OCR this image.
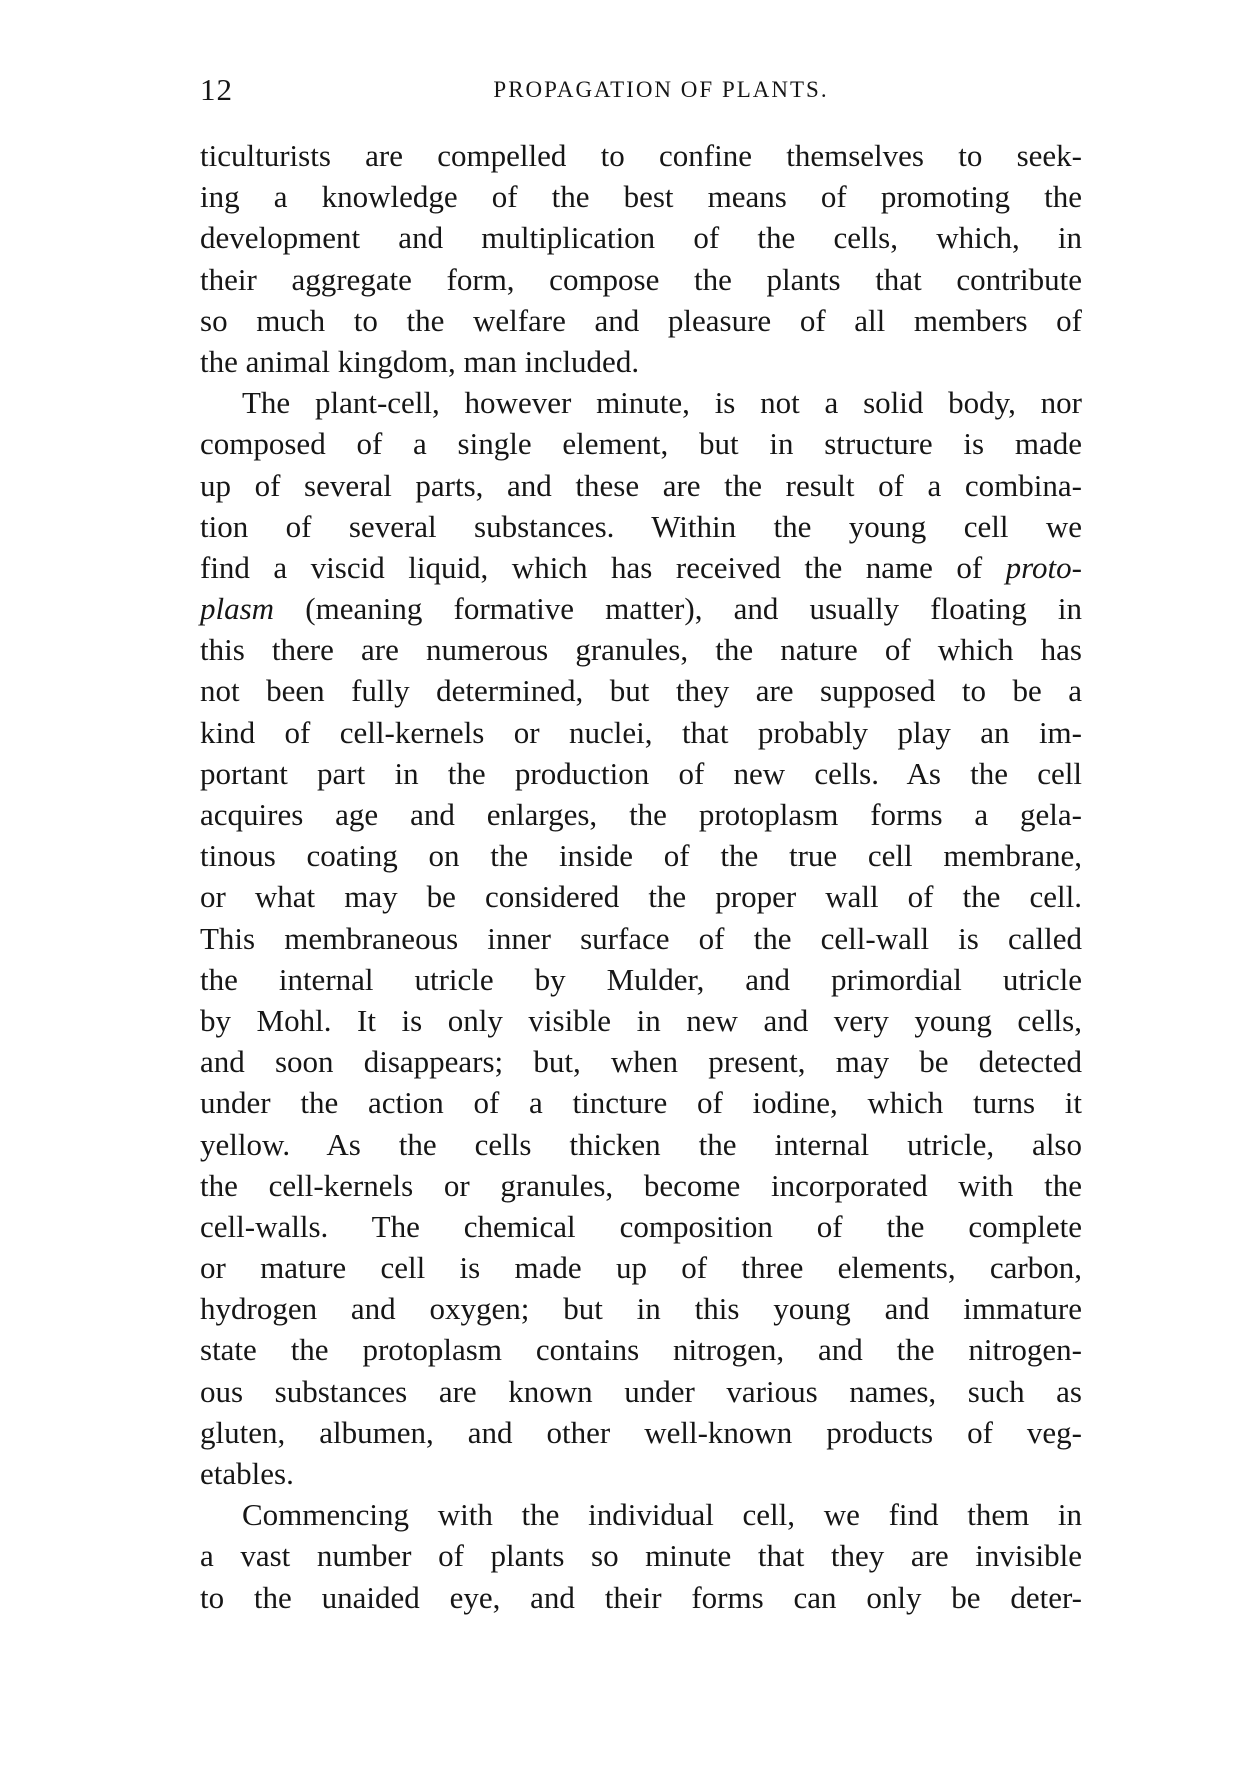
12	PROPAGATION OF PLANTS.
ticulturists are compelled to confine themselves to seek-
ing a knowledge of the best means of promoting the
development and multiplication of the cells, which, in
their aggregate form, compose the plants that contribute
so much to the welfare and pleasure of all members of
the animal kingdom, man included.
The plant-cell, however minute, is not a solid body, nor
composed of a single element, but in structure is made
up of several parts, and these are the result of a combina-
tion of several substances. Within the young cell we
find a viscid liquid, which has received the name of proto-
plasm (meaning formative matter), and usually floating in
this there are numerous granules, the nature of which has
not been fully determined, but they are supposed to be a
kind of cell-kernels or nuclei, that probably play an im-
portant part in the production of new cells. As the cell
acquires age and enlarges, the protoplasm forms a gela-
tinous coating on the inside of the true cell membrane,
or what may be considered the proper wall of the cell.
This membraneous inner surface of the cell-wall is called
the internal utricle by Mulder, and primordial utricle
by Mohl. It is only visible in new and very young cells,
and soon disappears; but, when present, may be detected
under the action of a tincture of iodine, which turns it
yellow. As the cells thicken the internal utricle, also
the cell-kernels or granules, become incorporated with the
cell-walls. The chemical composition of the complete
or mature cell is made up of three elements, carbon,
hydrogen and oxygen; but in this young and immature
state the protoplasm contains nitrogen, and the nitrogen-
ous substances are known under various names, such as
gluten, albumen, and other well-known products of veg-
etables.
Commencing with the individual cell, we find them in
a vast number of plants so minute that they are invisible
to the unaided eye, and their forms can only be deter-
